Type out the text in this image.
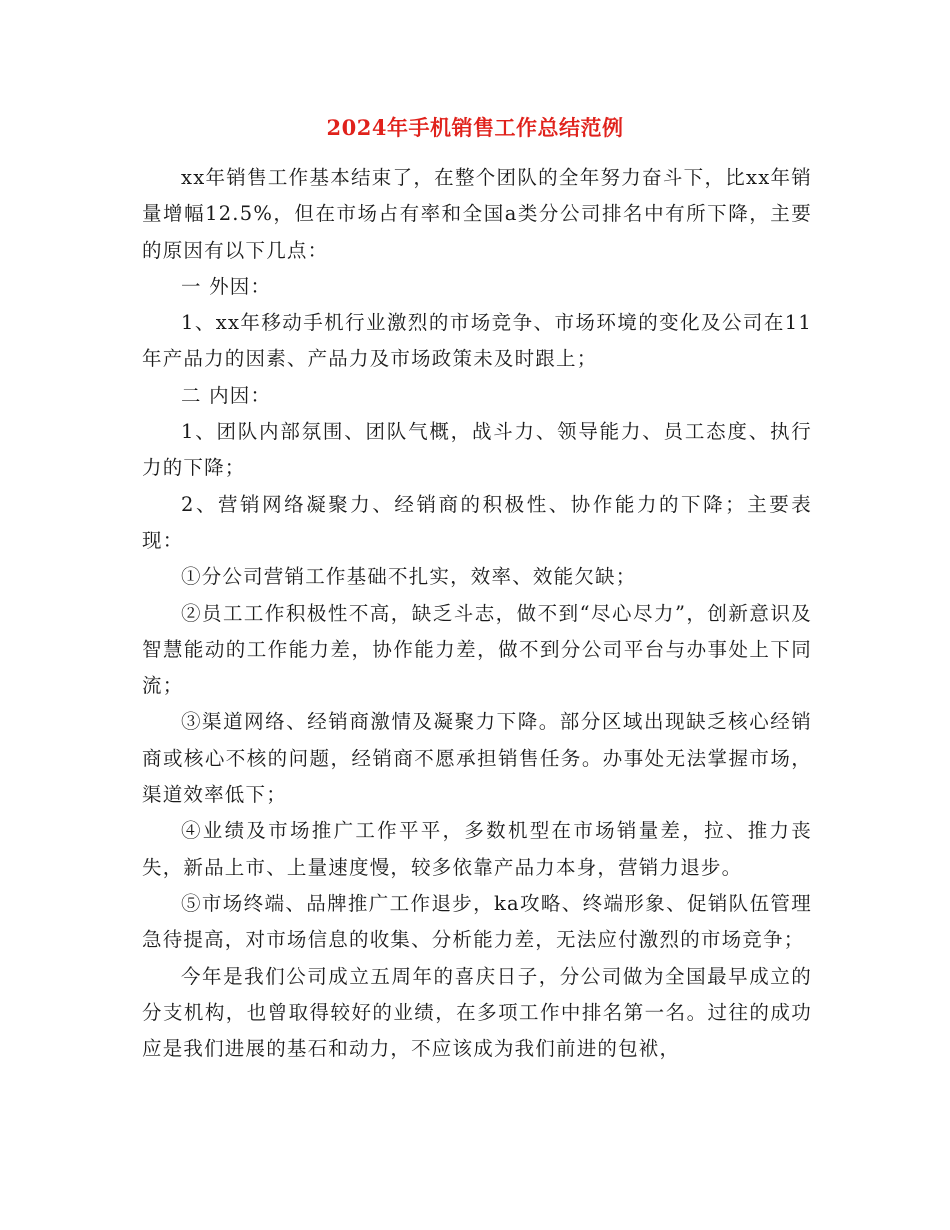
2024年手机销售工作总结范例

xx年销售工作基本结束了，在整个团队的全年努力奋斗下，比xx年销量增幅12.5%，但在市场占有率和全国a类分公司排名中有所下降，主要的原因有以下几点：

一 外因：

1、xx年移动手机行业激烈的市场竞争、市场环境的变化及公司在11年产品力的因素、产品力及市场政策未及时跟上；

二 内因：

1、团队内部氛围、团队气概，战斗力、领导能力、员工态度、执行力的下降；

2、营销网络凝聚力、经销商的积极性、协作能力的下降；主要表现：

①分公司营销工作基础不扎实，效率、效能欠缺；

②员工工作积极性不高，缺乏斗志，做不到“尽心尽力”，创新意识及智慧能动的工作能力差，协作能力差，做不到分公司平台与办事处上下同流；

③渠道网络、经销商激情及凝聚力下降。部分区域出现缺乏核心经销商或核心不核的问题，经销商不愿承担销售任务。办事处无法掌握市场，渠道效率低下；

④业绩及市场推广工作平平，多数机型在市场销量差，拉、推力丧失，新品上市、上量速度慢，较多依靠产品力本身，营销力退步。

⑤市场终端、品牌推广工作退步，ka攻略、终端形象、促销队伍管理急待提高，对市场信息的收集、分析能力差，无法应付激烈的市场竞争；

今年是我们公司成立五周年的喜庆日子，分公司做为全国最早成立的分支机构，也曾取得较好的业绩，在多项工作中排名第一名。过往的成功应是我们进展的基石和动力，不应该成为我们前进的包袱，
